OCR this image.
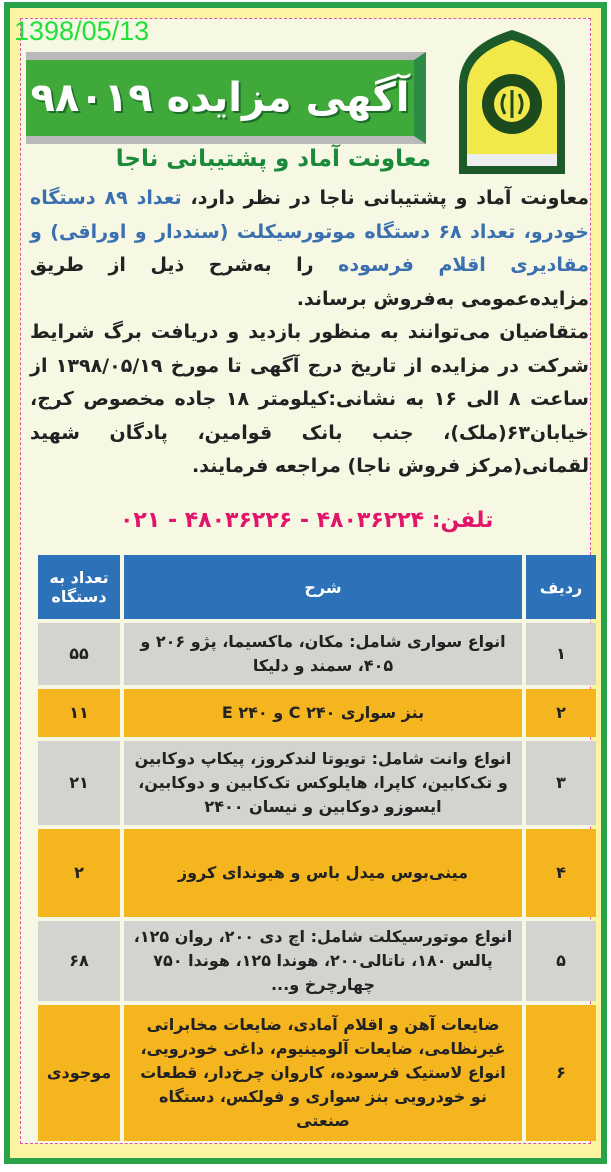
1398/05/13
آگهی مزایده ۹۸۰۱۹
معاونت آماد و پشتیبانی ناجا
معاونت آماد و پشتیبانی ناجا در نظر دارد، تعداد ۸۹ دستگاه خودرو، تعداد ۶۸ دستگاه موتورسیکلت (سنددار و اوراقی) و مقادیری اقلام فرسوده را به‌شرح ذیل از طریق مزایده‌عمومی به‌فروش برساند.
متقاضیان می‌توانند به منظور بازدید و دریافت برگ شرایط شرکت در مزایده از تاریخ درج آگهی تا مورخ ۱۳۹۸/۰۵/۱۹ از ساعت ۸ الی ۱۶ به نشانی:کیلومتر ۱۸ جاده مخصوص کرج، خیابان۶۳(ملک)، جنب بانک قوامین، پادگان شهید لقمانی(مرکز فروش ناجا) مراجعه فرمایند.
تلفن: ۴۸۰۳۶۲۲۴ - ۴۸۰۳۶۲۲۶ - ۰۲۱
ردیف	شرح	تعداد به دستگاه
۱	انواع سواری شامل: مکان، ماکسیما، پژو ۲۰۶ و ۴۰۵، سمند و دلیکا	۵۵
۲	بنز سواری C ۲۴۰ و E ۲۴۰	۱۱
۳	انواع وانت شامل: تویوتا لندکروز، پیکاپ دوکابین و تک‌کابین، کاپرا، هایلوکس تک‌کابین و دوکابین، ایسوزو دوکابین و نیسان ۲۴۰۰	۲۱
۴	مینی‌بوس میدل باس و هیوندای کروز	۲
۵	انواع موتورسیکلت شامل: اچ دی ۲۰۰، روان ۱۲۵، پالس ۱۸۰، ناتالی۲۰۰، هوندا ۱۲۵، هوندا ۷۵۰ چهارچرخ و...	۶۸
۶	ضایعات آهن و اقلام آمادی، ضایعات مخابراتی غیرنظامی، ضایعات آلومینیوم، داغی خودرویی، انواع لاستیک فرسوده، کاروان چرخ‌دار، قطعات نو خودرویی بنز سواری و فولکس، دستگاه صنعتی	موجودی
